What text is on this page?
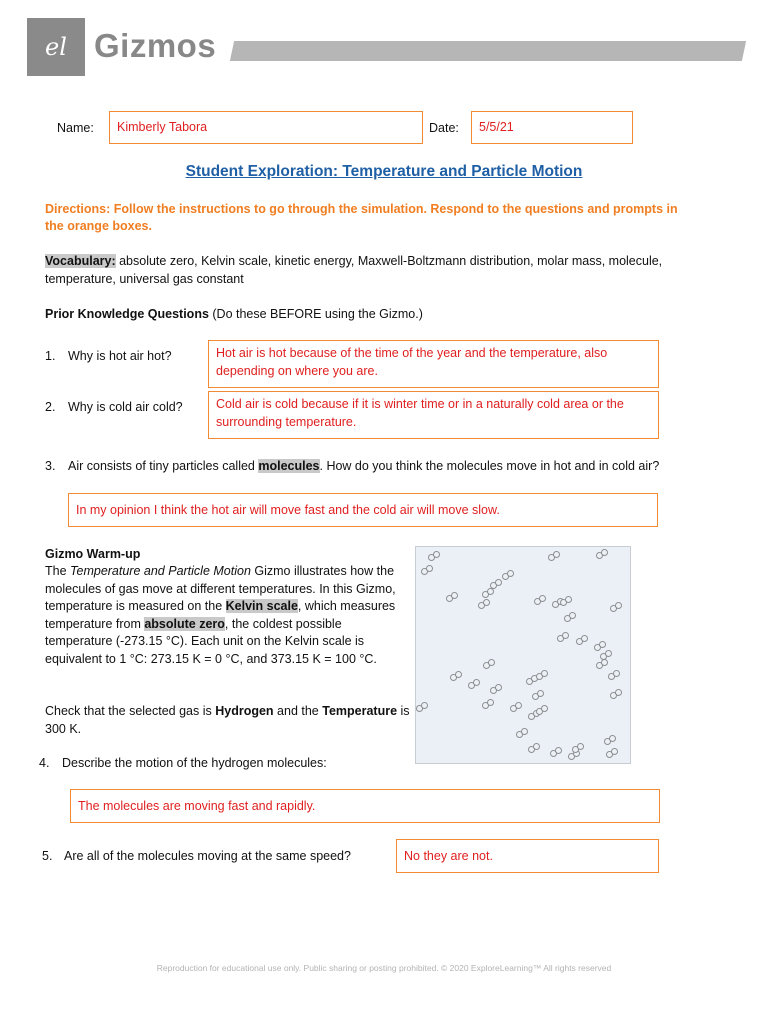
el Gizmos
Name:	Kimberly Tabora	Date:	5/5/21
Student Exploration: Temperature and Particle Motion
Directions: Follow the instructions to go through the simulation. Respond to the questions and prompts in the orange boxes.
Vocabulary: absolute zero, Kelvin scale, kinetic energy, Maxwell-Boltzmann distribution, molar mass, molecule, temperature, universal gas constant
Prior Knowledge Questions (Do these BEFORE using the Gizmo.)
1. Why is hot air hot?	Hot air is hot because of the time of the year and the temperature, also depending on where you are.
2. Why is cold air cold?	Cold air is cold because if it is winter time or in a naturally cold area or the surrounding temperature.
3. Air consists of tiny particles called molecules. How do you think the molecules move in hot and in cold air?
In my opinion I think the hot air will move fast and the cold air will move slow.
Gizmo Warm-up
The Temperature and Particle Motion Gizmo illustrates how the molecules of gas move at different temperatures. In this Gizmo, temperature is measured on the Kelvin scale, which measures temperature from absolute zero, the coldest possible temperature (-273.15 °C). Each unit on the Kelvin scale is equivalent to 1 °C: 273.15 K = 0 °C, and 373.15 K = 100 °C.
Check that the selected gas is Hydrogen and the Temperature is 300 K.
4. Describe the motion of the hydrogen molecules:
The molecules are moving fast and rapidly.
5. Are all of the molecules moving at the same speed?	No they are not.
Reproduction for educational use only. Public sharing or posting prohibited. © 2020 ExploreLearning™ All rights reserved
